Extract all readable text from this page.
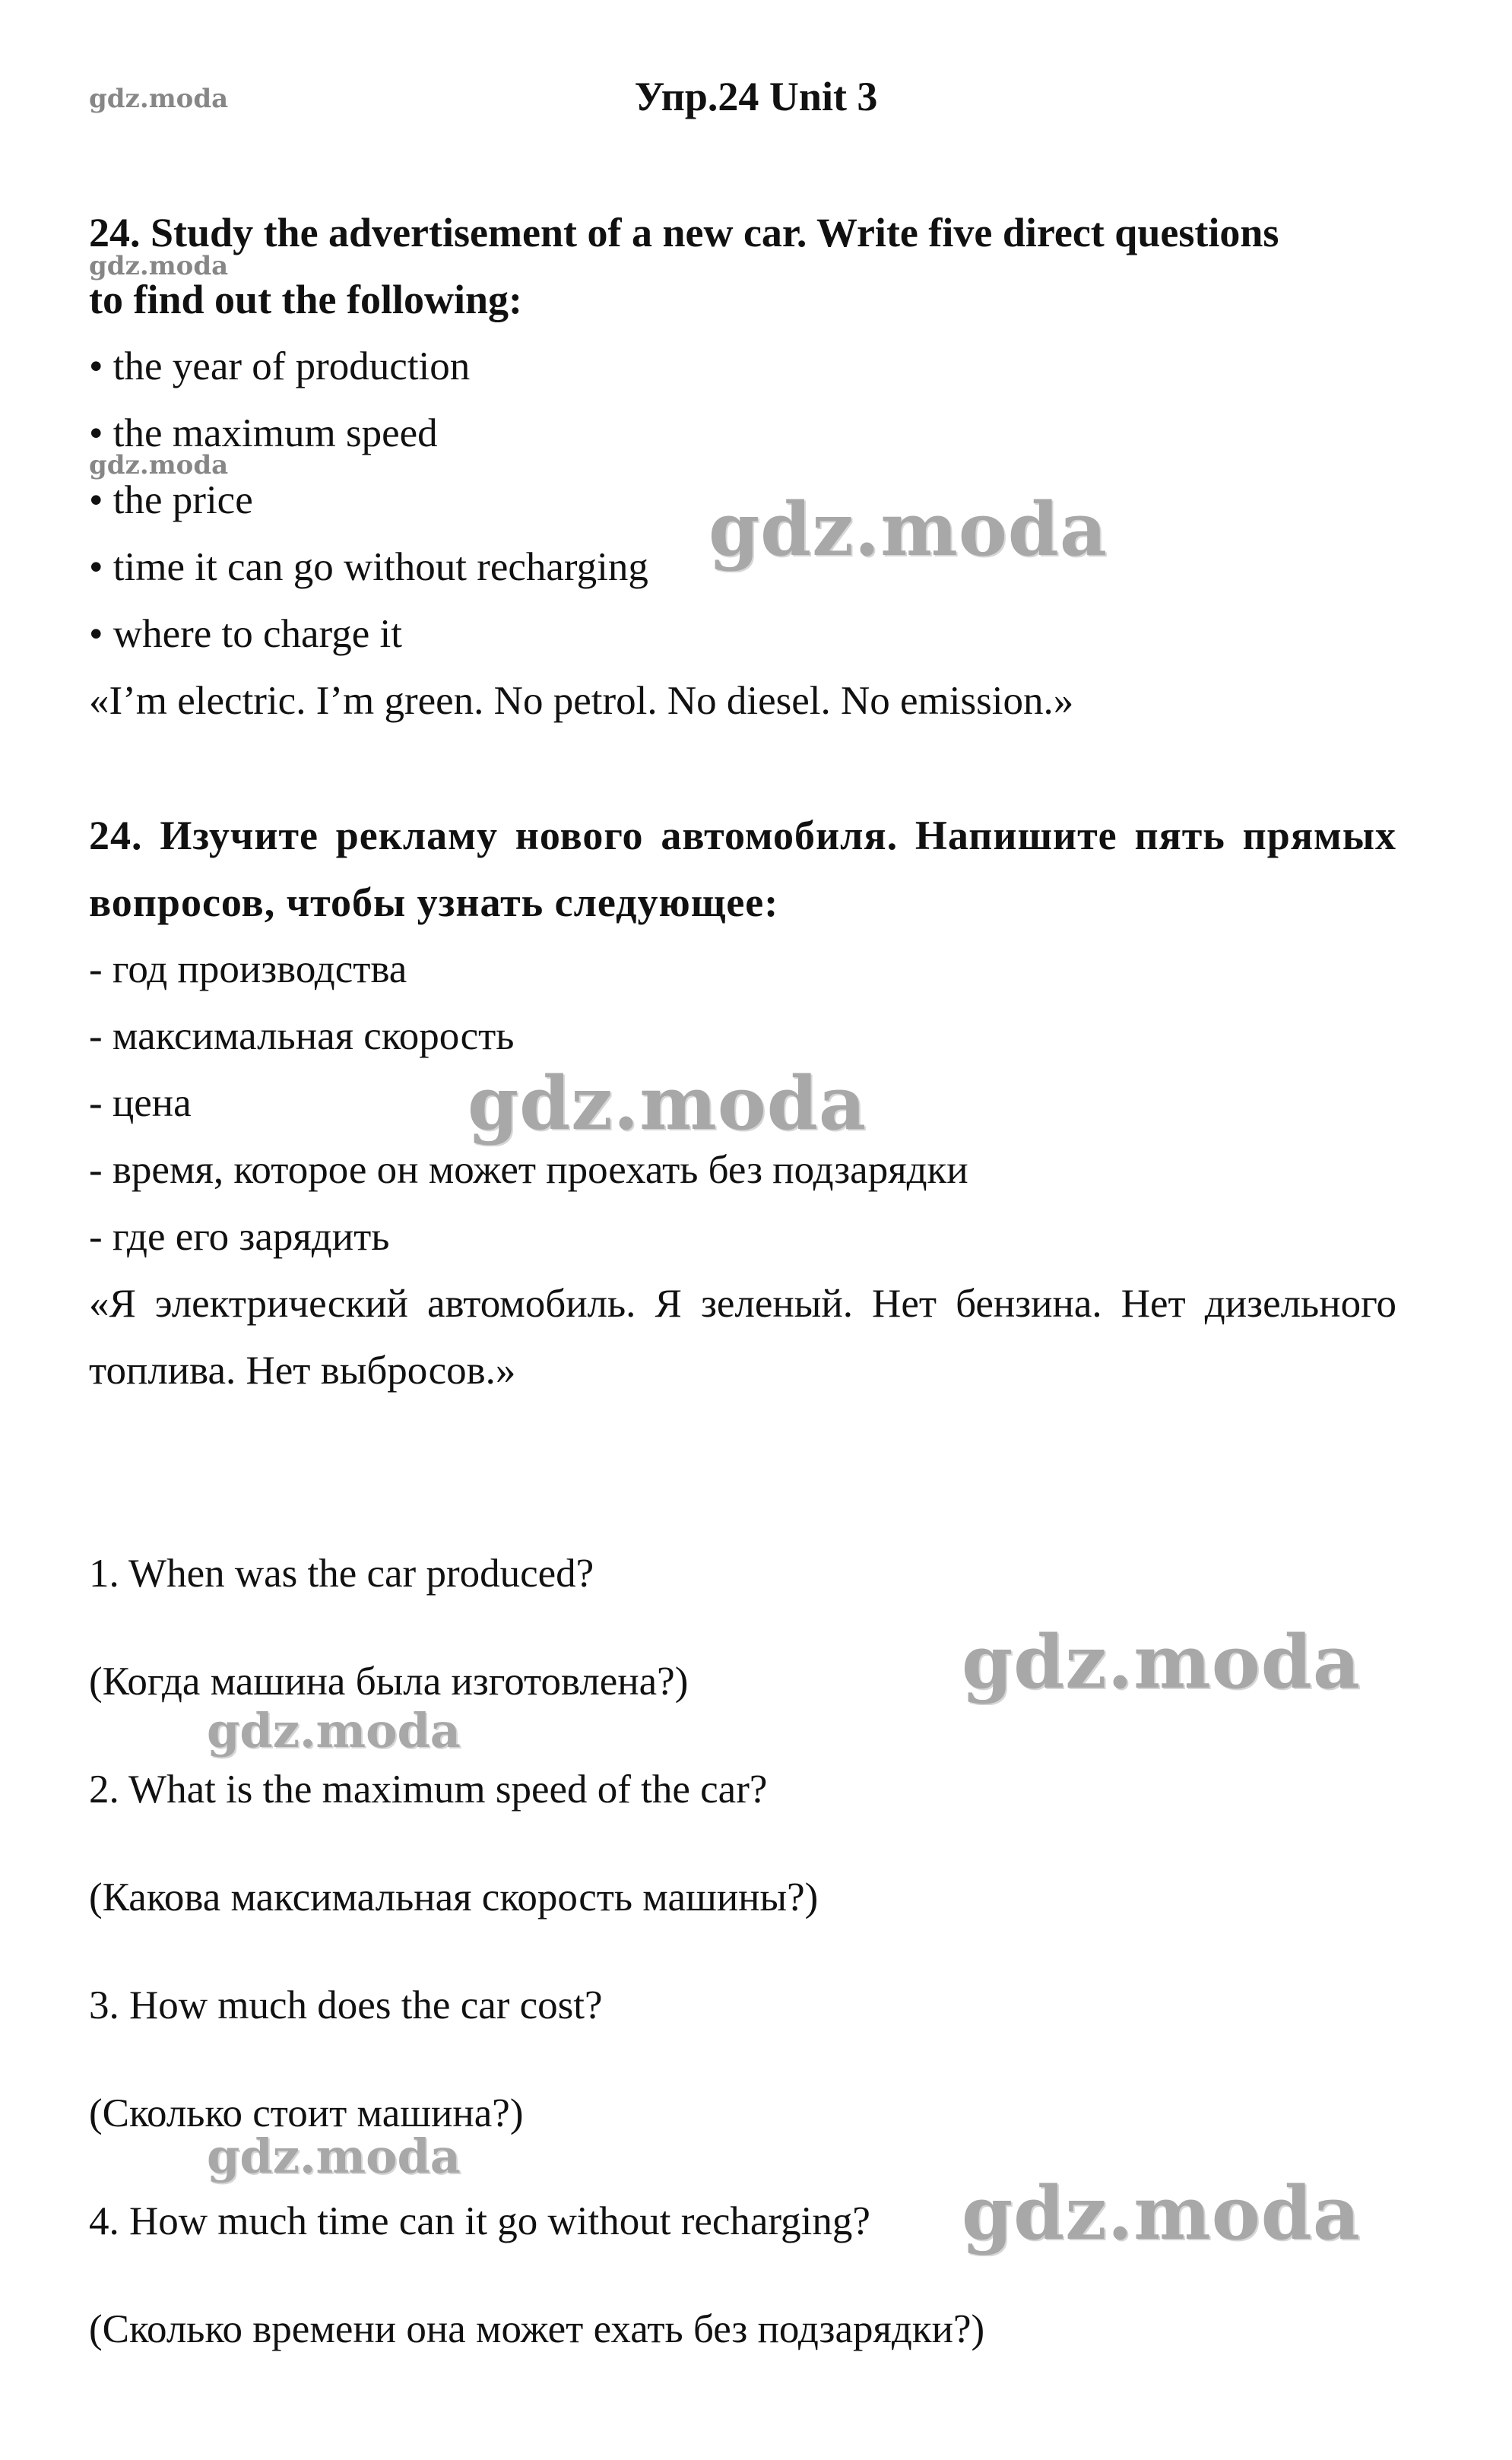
Упр.24 Unit 3

24. Study the advertisement of a new car. Write five direct questions

to find out the following:

• the year of production

• the maximum speed

• the price

• time it can go without recharging

• where to charge it

«I’m electric. I’m green. No petrol. No diesel. No emission.»

24. Изучите рекламу нового автомобиля. Напишите пять прямых вопросов, чтобы узнать следующее:

- год производства

- максимальная скорость

- цена

- время, которое он может проехать без подзарядки

- где его зарядить

«Я электрический автомобиль. Я зеленый. Нет бензина. Нет дизельного топлива. Нет выбросов.»

1. When was the car produced?

(Когда машина была изготовлена?)

2. What is the maximum speed of the car?

(Какова максимальная скорость машины?)

3. How much does the car cost?

(Сколько стоит машина?)

4. How much time can it go without recharging?

(Сколько времени она может ехать без подзарядки?)

gdz.moda
gdz.moda
gdz.moda
gdz.moda
gdz.moda
gdz.moda
gdz.moda
gdz.moda
gdz.moda
